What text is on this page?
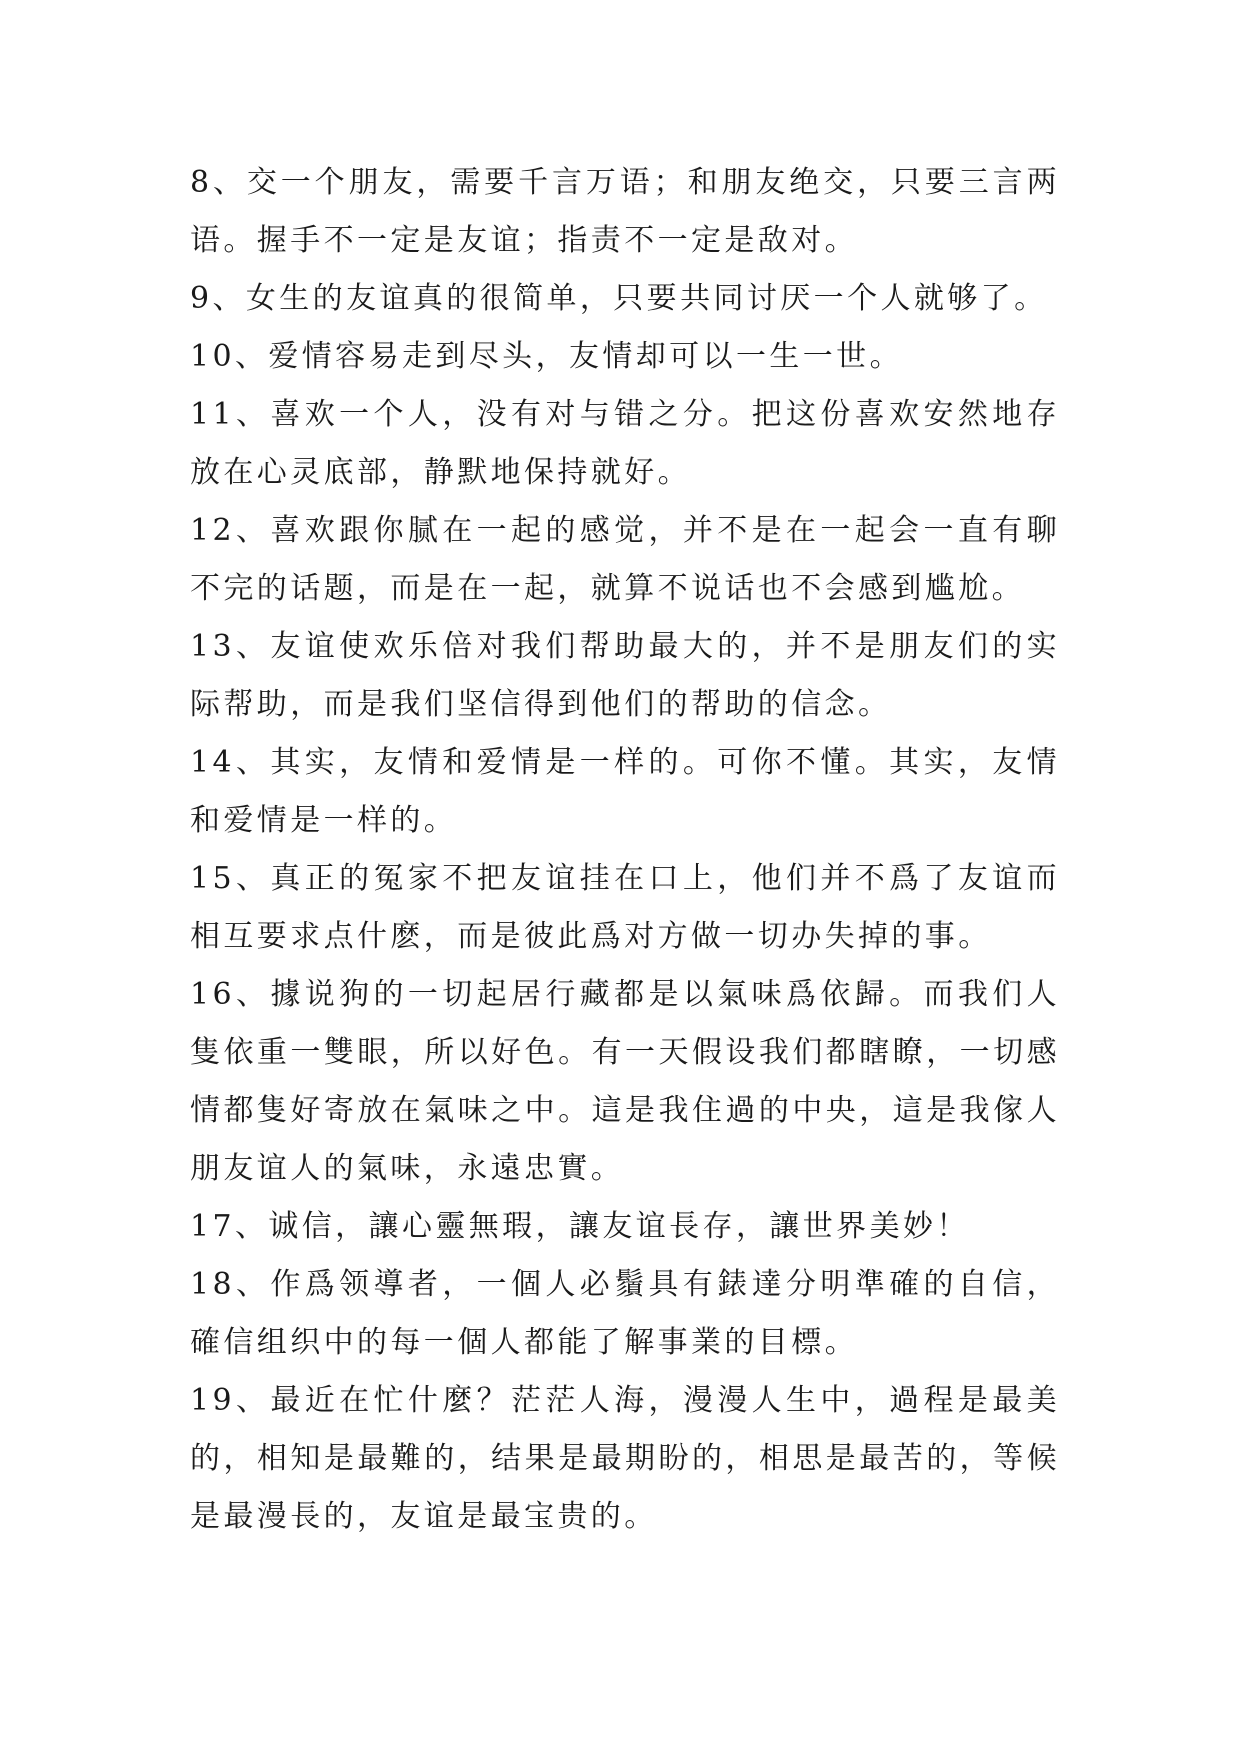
8、交一个朋友，需要千言万语；和朋友绝交，只要三言两语。握手不一定是友谊；指责不一定是敌对。

9、女生的友谊真的很简单，只要共同讨厌一个人就够了。

10、爱情容易走到尽头，友情却可以一生一世。

11、喜欢一个人，没有对与错之分。把这份喜欢安然地存放在心灵底部，静默地保持就好。

12、喜欢跟你腻在一起的感觉，并不是在一起会一直有聊不完的话题，而是在一起，就算不说话也不会感到尴尬。

13、友谊使欢乐倍对我们帮助最大的，并不是朋友们的实际帮助，而是我们坚信得到他们的帮助的信念。

14、其实，友情和爱情是一样的。可你不懂。其实，友情和爱情是一样的。

15、真正的冤家不把友谊挂在口上，他们并不爲了友谊而相互要求点什麽，而是彼此爲对方做一切办失掉的事。

16、據说狗的一切起居行藏都是以氣味爲依歸。而我们人隻依重一雙眼，所以好色。有一天假设我们都瞎瞭，一切感情都隻好寄放在氣味之中。這是我住過的中央，這是我傢人朋友谊人的氣味，永遠忠實。

17、诚信，讓心靈無瑕，讓友谊長存，讓世界美妙！

18、作爲领導者，一個人必鬚具有錶達分明準確的自信，確信组织中的每一個人都能了解事業的目標。

19、最近在忙什麼？茫茫人海，漫漫人生中，過程是最美的，相知是最難的，结果是最期盼的，相思是最苦的，等候是最漫長的，友谊是最宝贵的。
